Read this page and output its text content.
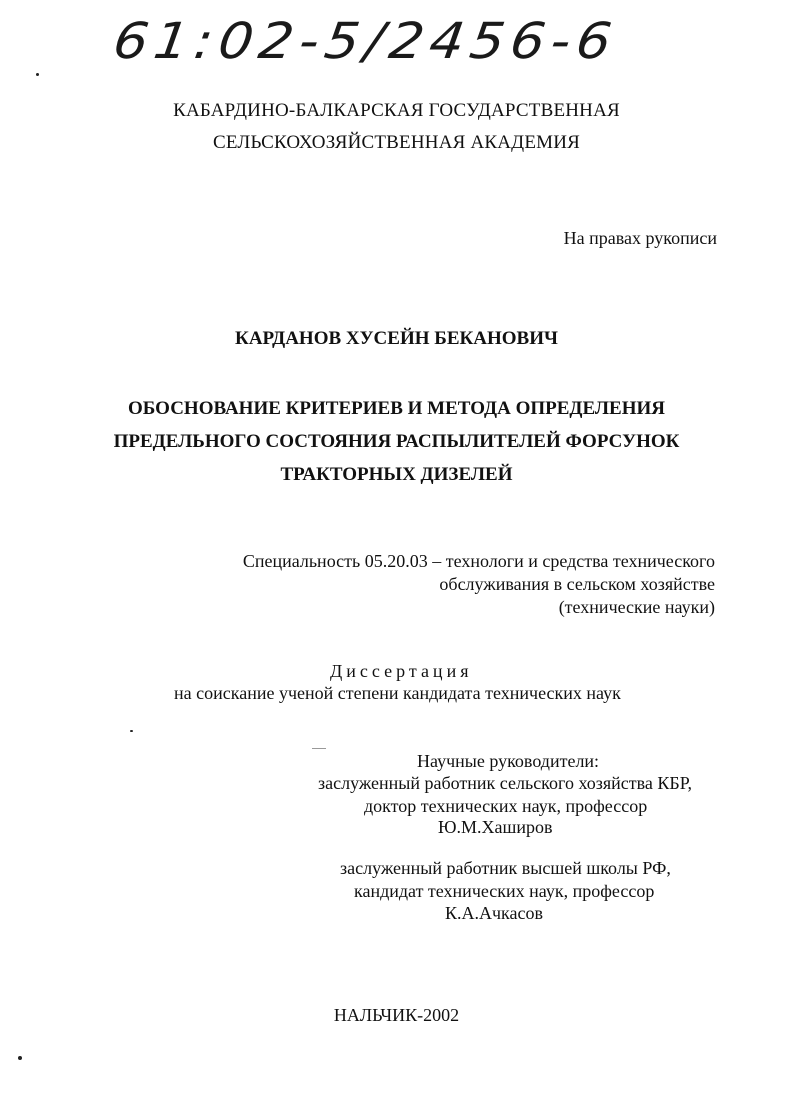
61:02-5/2456-6
КАБАРДИНО-БАЛКАРСКАЯ ГОСУДАРСТВЕННАЯ
СЕЛЬСКОХОЗЯЙСТВЕННАЯ АКАДЕМИЯ
На правах рукописи
КАРДАНОВ ХУСЕЙН БЕКАНОВИЧ
ОБОСНОВАНИЕ КРИТЕРИЕВ И МЕТОДА ОПРЕДЕЛЕНИЯ
ПРЕДЕЛЬНОГО СОСТОЯНИЯ РАСПЫЛИТЕЛЕЙ ФОРСУНОК
ТРАКТОРНЫХ ДИЗЕЛЕЙ
Специальность 05.20.03 – технологи и средства технического
обслуживания в сельском хозяйстве
(технические науки)
Диссертация
на соискание ученой степени кандидата технических наук
Научные руководители:
заслуженный работник сельского хозяйства КБР,
доктор технических наук, профессор
Ю.М.Хаширов
заслуженный работник высшей школы РФ,
кандидат технических наук, профессор
К.А.Ачкасов
НАЛЬЧИК-2002
